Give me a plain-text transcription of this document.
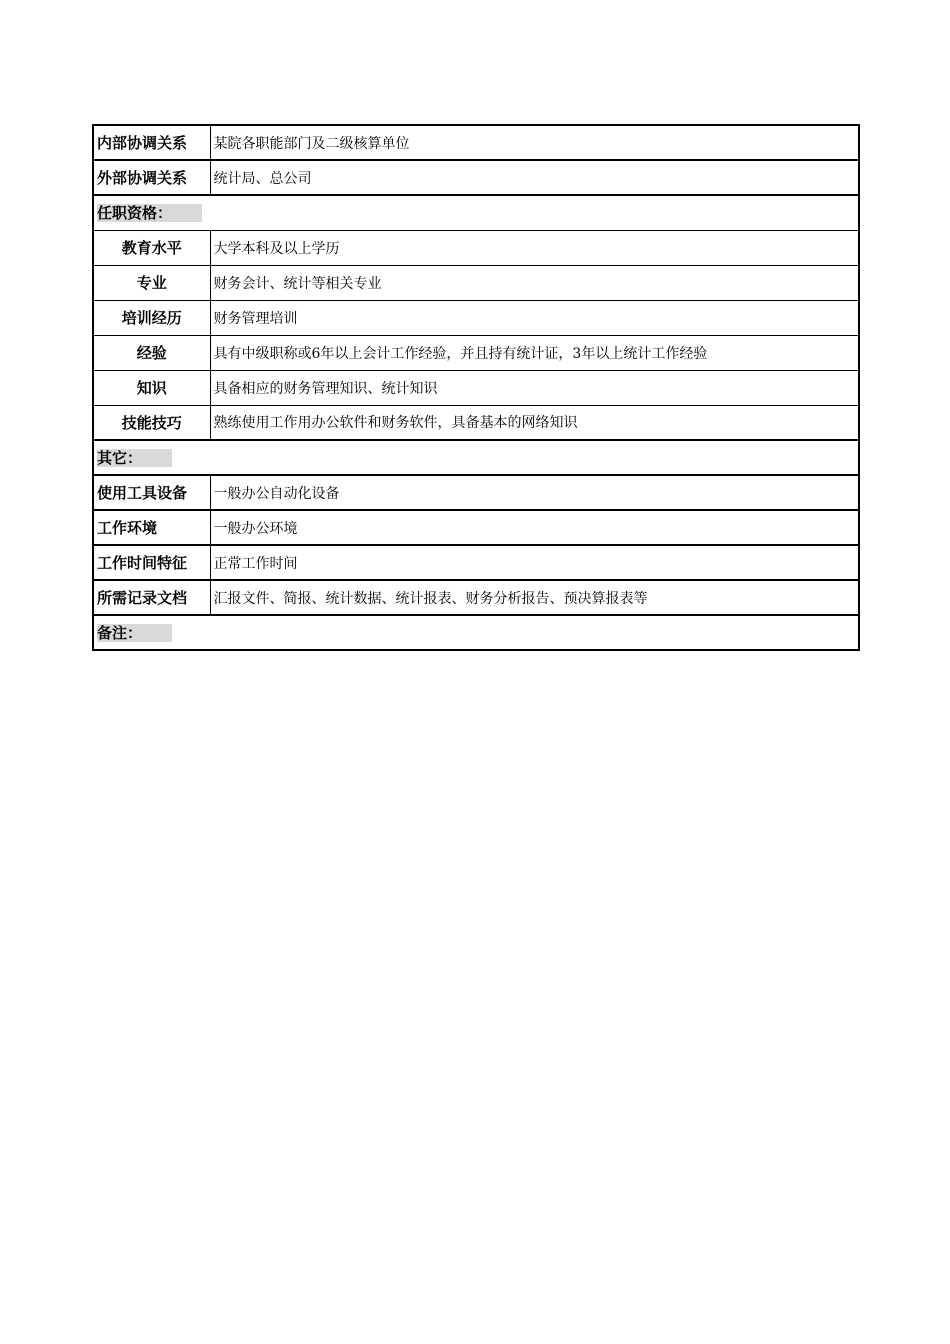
内部协调关系	某院各职能部门及二级核算单位
外部协调关系	统计局、总公司
任职资格：	
教育水平	大学本科及以上学历
专业	财务会计、统计等相关专业
培训经历	财务管理培训
经验	具有中级职称或6年以上会计工作经验，并且持有统计证，3年以上统计工作经验
知识	具备相应的财务管理知识、统计知识
技能技巧	熟练使用工作用办公软件和财务软件，具备基本的网络知识
其它：	
使用工具设备	一般办公自动化设备
工作环境	一般办公环境
工作时间特征	正常工作时间
所需记录文档	汇报文件、简报、统计数据、统计报表、财务分析报告、预决算报表等
备注：	
